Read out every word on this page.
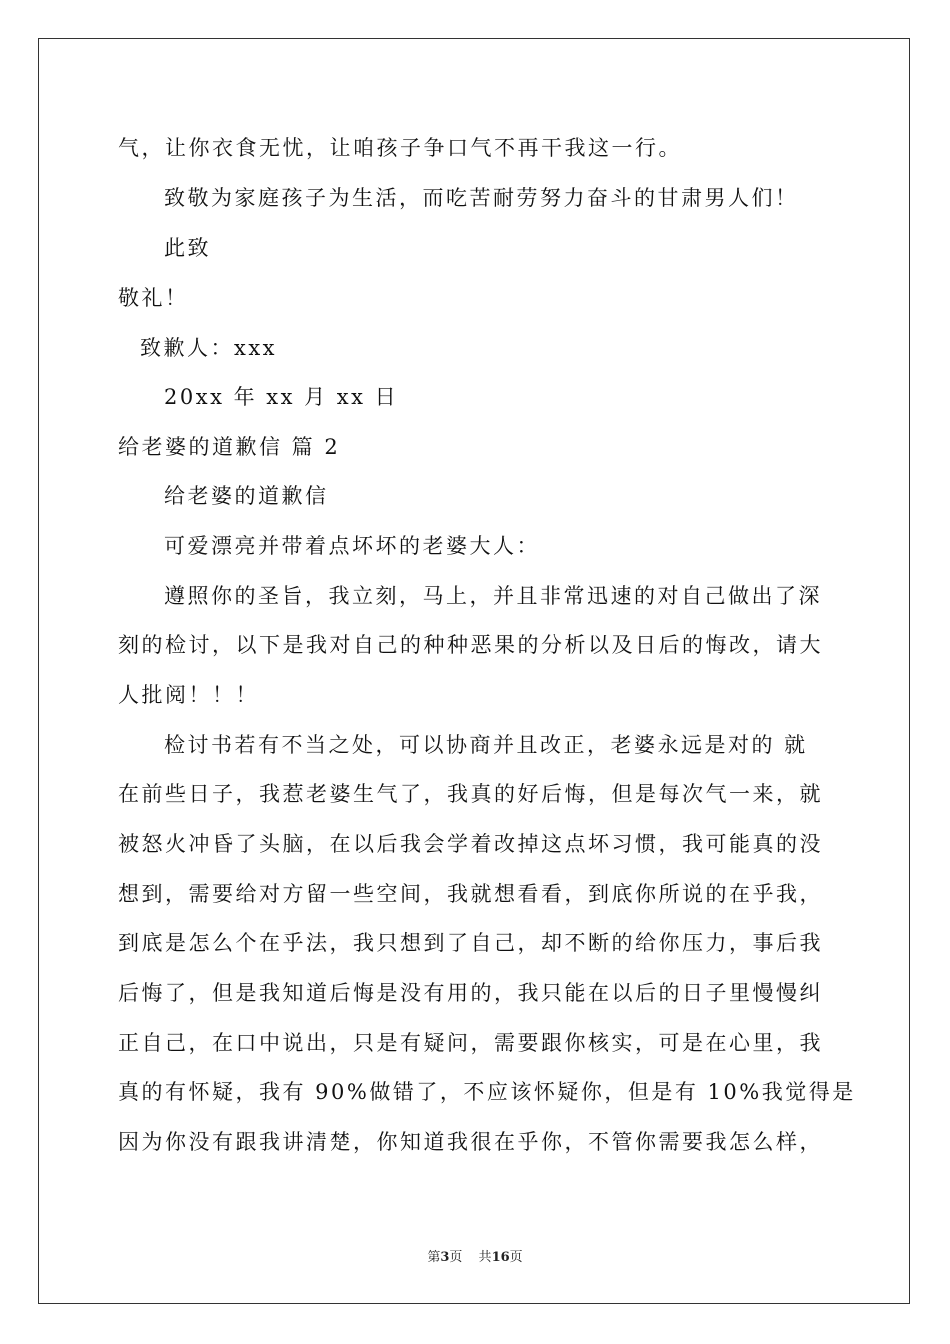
气，让你衣食无忧，让咱孩子争口气不再干我这一行。
致敬为家庭孩子为生活，而吃苦耐劳努力奋斗的甘肃男人们！
此致
敬礼！
致歉人：xxx
20xx 年 xx 月 xx 日
给老婆的道歉信 篇 2
给老婆的道歉信
可爱漂亮并带着点坏坏的老婆大人：
遵照你的圣旨，我立刻，马上，并且非常迅速的对自己做出了深
刻的检讨，以下是我对自己的种种恶果的分析以及日后的悔改，请大
人批阅！！！
检讨书若有不当之处，可以协商并且改正，老婆永远是对的 就
在前些日子，我惹老婆生气了，我真的好后悔，但是每次气一来，就
被怒火冲昏了头脑，在以后我会学着改掉这点坏习惯，我可能真的没
想到，需要给对方留一些空间，我就想看看，到底你所说的在乎我，
到底是怎么个在乎法，我只想到了自己，却不断的给你压力，事后我
后悔了，但是我知道后悔是没有用的，我只能在以后的日子里慢慢纠
正自己，在口中说出，只是有疑问，需要跟你核实，可是在心里，我
真的有怀疑，我有 90%做错了，不应该怀疑你，但是有 10%我觉得是
因为你没有跟我讲清楚，你知道我很在乎你，不管你需要我怎么样，
第3页 共16页
